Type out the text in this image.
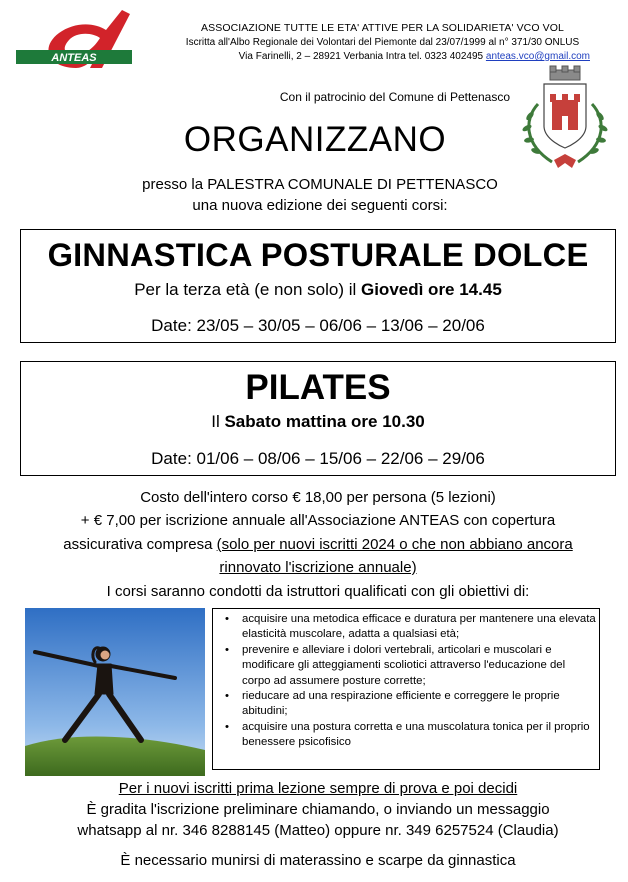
ANTEAS
ASSOCIAZIONE TUTTE LE ETA' ATTIVE PER LA SOLIDARIETA' VCO VOL
Iscritta all'Albo Regionale dei Volontari del Piemonte dal 23/07/1999 al n° 371/30 ONLUS
Via Farinelli, 2 – 28921 Verbania Intra tel. 0323 402495 anteas.vco@gmail.com
Con il patrocinio del Comune di Pettenasco
ORGANIZZANO
presso la PALESTRA COMUNALE DI PETTENASCO
una nuova edizione dei seguenti corsi:
GINNASTICA POSTURALE DOLCE
Per la terza età (e non solo) il Giovedì ore 14.45
Date: 23/05 – 30/05 – 06/06 – 13/06 – 20/06
PILATES
Il Sabato mattina ore 10.30
Date: 01/06 – 08/06 – 15/06 – 22/06 – 29/06
Costo dell'intero corso € 18,00 per persona (5 lezioni)
+ € 7,00 per iscrizione annuale all'Associazione ANTEAS con copertura
assicurativa compresa (solo per nuovi iscritti 2024 o che non abbiano ancora
rinnovato l'iscrizione annuale)
I corsi saranno condotti da istruttori qualificati con gli obiettivi di:
• acquisire una metodica efficace e duratura per mantenere una elevata elasticità muscolare, adatta a qualsiasi età;
• prevenire e alleviare i dolori vertebrali, articolari e muscolari e modificare gli atteggiamenti scoliotici attraverso l'educazione del corpo ad assumere posture corrette;
• rieducare ad una respirazione efficiente e correggere le proprie abitudini;
• acquisire una postura corretta e una muscolatura tonica per il proprio benessere psicofisico
Per i nuovi iscritti prima lezione sempre di prova e poi decidi
È gradita l'iscrizione preliminare chiamando, o inviando un messaggio
whatsapp al nr. 346 8288145 (Matteo) oppure nr. 349 6257524 (Claudia)
È necessario munirsi di materassino e scarpe da ginnastica
